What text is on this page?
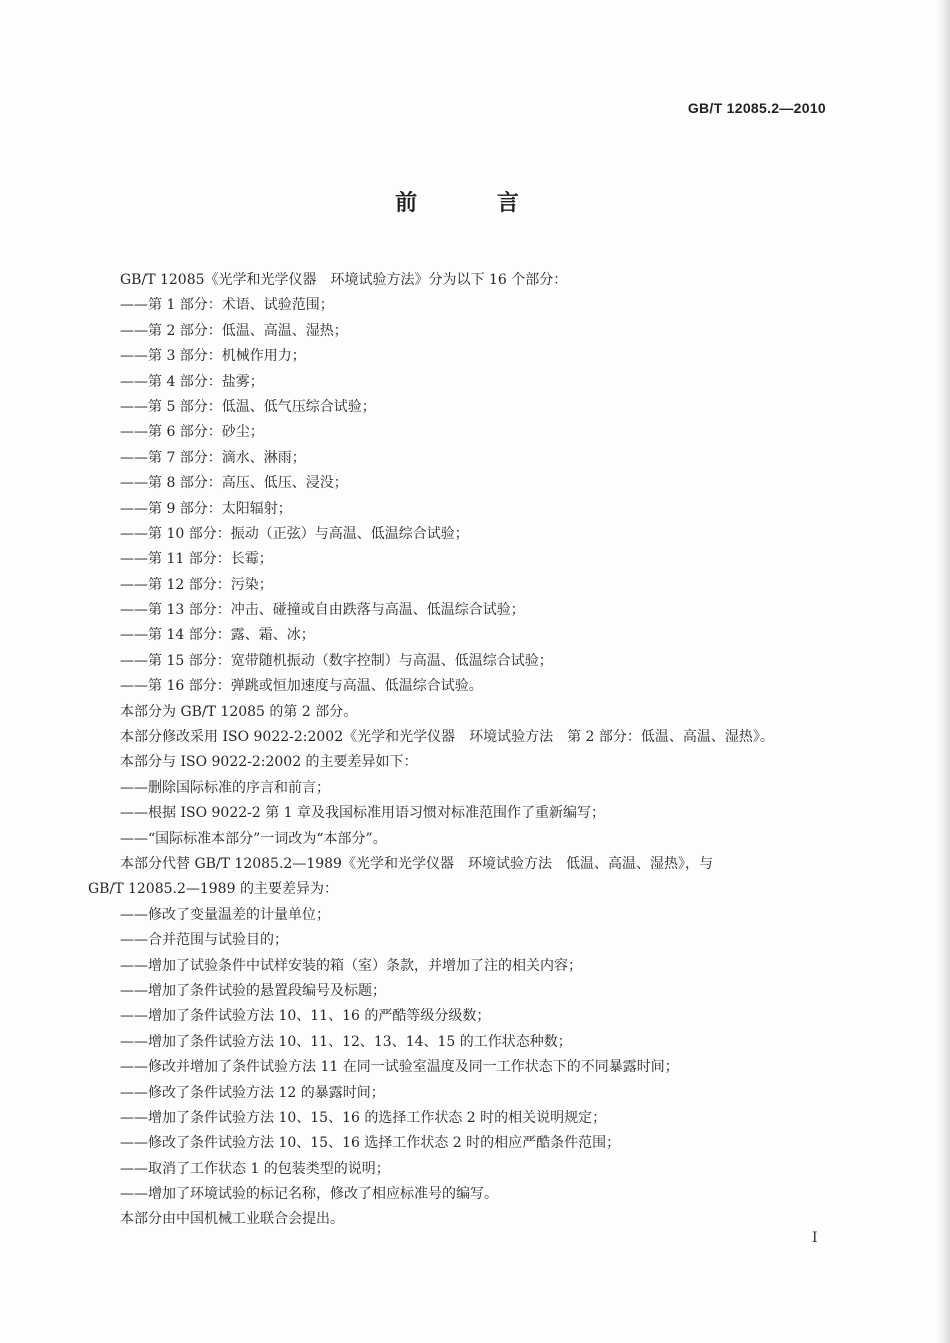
GB/T 12085.2—2010
前 言
GB/T 12085《光学和光学仪器　环境试验方法》分为以下 16 个部分：
——第 1 部分：术语、试验范围；
——第 2 部分：低温、高温、湿热；
——第 3 部分：机械作用力；
——第 4 部分：盐雾；
——第 5 部分：低温、低气压综合试验；
——第 6 部分：砂尘；
——第 7 部分：滴水、淋雨；
——第 8 部分：高压、低压、浸没；
——第 9 部分：太阳辐射；
——第 10 部分：振动（正弦）与高温、低温综合试验；
——第 11 部分：长霉；
——第 12 部分：污染；
——第 13 部分：冲击、碰撞或自由跌落与高温、低温综合试验；
——第 14 部分：露、霜、冰；
——第 15 部分：宽带随机振动（数字控制）与高温、低温综合试验；
——第 16 部分：弹跳或恒加速度与高温、低温综合试验。
本部分为 GB/T 12085 的第 2 部分。
本部分修改采用 ISO 9022-2:2002《光学和光学仪器　环境试验方法　第 2 部分：低温、高温、湿热》。
本部分与 ISO 9022-2:2002 的主要差异如下：
——删除国际标准的序言和前言；
——根据 ISO 9022-2 第 1 章及我国标准用语习惯对标准范围作了重新编写；
——“国际标准本部分”一词改为“本部分”。
本部分代替 GB/T 12085.2—1989《光学和光学仪器　环境试验方法　低温、高温、湿热》，与
GB/T 12085.2—1989 的主要差异为：
——修改了变量温差的计量单位；
——合并范围与试验目的；
——增加了试验条件中试样安装的箱（室）条款，并增加了注的相关内容；
——增加了条件试验的悬置段编号及标题；
——增加了条件试验方法 10、11、16 的严酷等级分级数；
——增加了条件试验方法 10、11、12、13、14、15 的工作状态种数；
——修改并增加了条件试验方法 11 在同一试验室温度及同一工作状态下的不同暴露时间；
——修改了条件试验方法 12 的暴露时间；
——增加了条件试验方法 10、15、16 的选择工作状态 2 时的相关说明规定；
——修改了条件试验方法 10、15、16 选择工作状态 2 时的相应严酷条件范围；
——取消了工作状态 1 的包装类型的说明；
——增加了环境试验的标记名称，修改了相应标准号的编写。
本部分由中国机械工业联合会提出。
I
